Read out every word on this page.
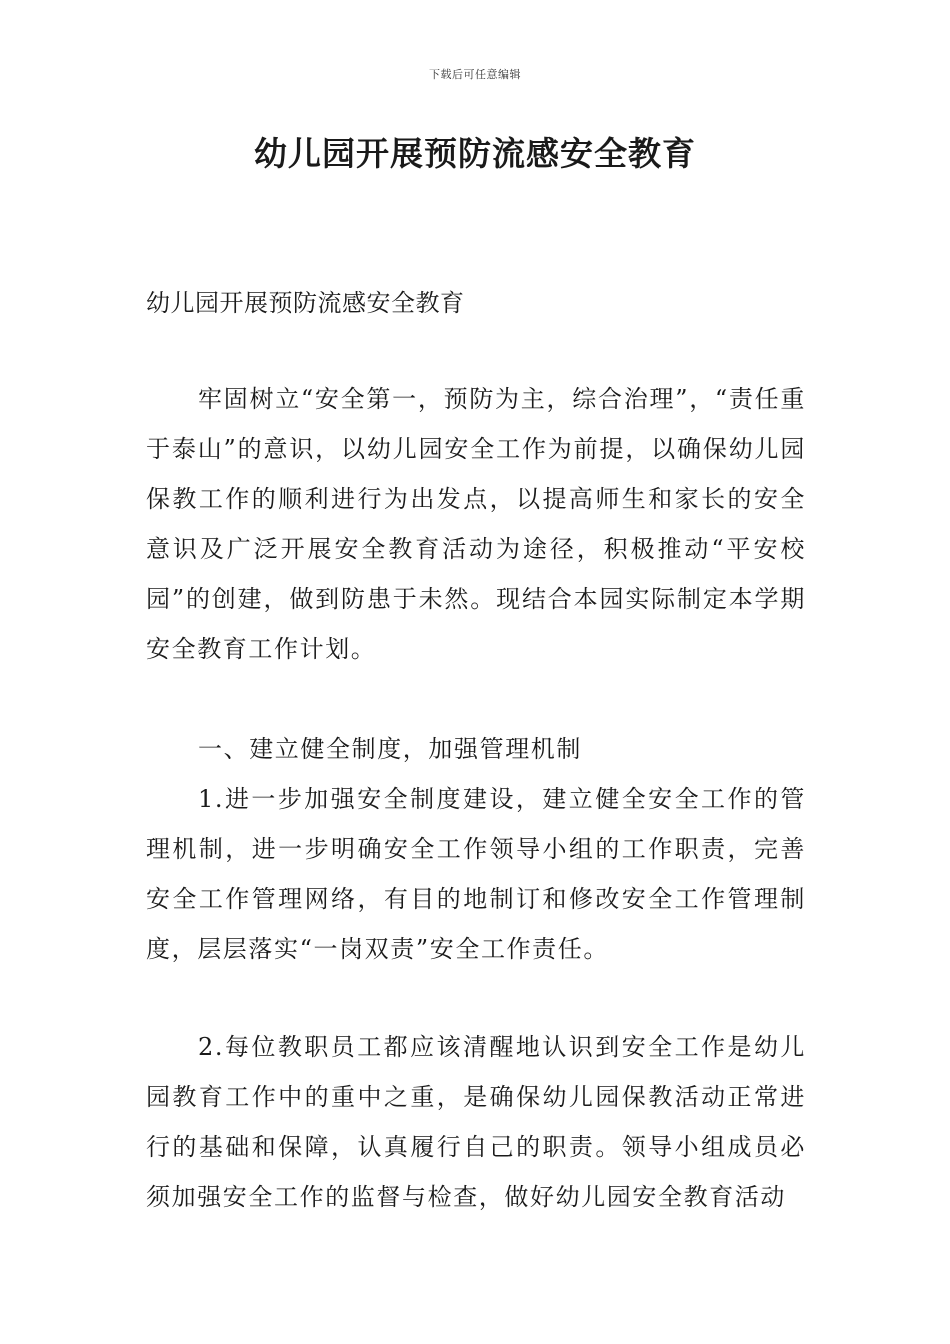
下载后可任意编辑
幼儿园开展预防流感安全教育

幼儿园开展预防流感安全教育

牢固树立“安全第一，预防为主，综合治理”，“责任重于泰山”的意识，以幼儿园安全工作为前提，以确保幼儿园保教工作的顺利进行为出发点，以提高师生和家长的安全意识及广泛开展安全教育活动为途径，积极推动“平安校园”的创建，做到防患于未然。现结合本园实际制定本学期安全教育工作计划。

一、建立健全制度，加强管理机制

1.进一步加强安全制度建设，建立健全安全工作的管理机制，进一步明确安全工作领导小组的工作职责，完善安全工作管理网络，有目的地制订和修改安全工作管理制度，层层落实“一岗双责”安全工作责任。

2.每位教职员工都应该清醒地认识到安全工作是幼儿园教育工作中的重中之重，是确保幼儿园保教活动正常进行的基础和保障，认真履行自己的职责。领导小组成员必须加强安全工作的监督与检查，做好幼儿园安全教育活动
